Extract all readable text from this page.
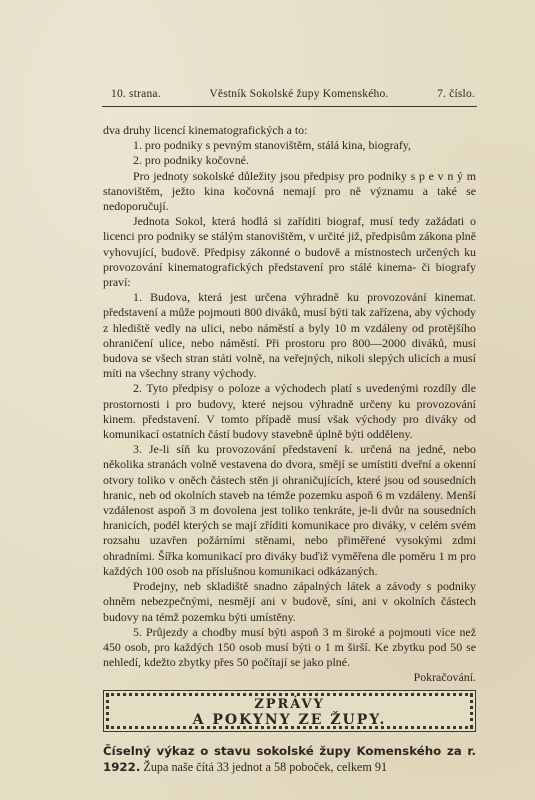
10. strana.	Věstník Sokolské župy Komenského.	7. číslo.

dva druhy licencí kinematografických a to:

1. pro podniky s pevným stanovištěm, stálá kina, biografy,

2. pro podniky kočovné.

Pro jednoty sokolské důležity jsou předpisy pro podniky s p e v n ý m stanovištěm, ježto kina kočovná nemají pro ně významu a také se nedoporučují.

Jednota Sokol, která hodlá si zaříditi biograf, musí tedy zažádati o licenci pro podniky se stálým stanovištěm, v určité již, předpisům zákona plně vyhovující, budově. Předpisy zákonné o budově a místnostech určených ku provozování kinematografických představení pro stálé kinema- či biografy praví:

1. Budova, která jest určena výhradně ku provozování kinemat. představení a může pojmouti 800 diváků, musí býti tak zařízena, aby východy z hlediště vedly na ulici, nebo náměstí a byly 10 m vzdáleny od protějšího ohraničení ulice, nebo náměstí. Při prostoru pro 800—2000 diváků, musí budova se všech stran státi volně, na veřejných, nikoli slepých ulicích a musí míti na všechny strany východy.

2. Tyto předpisy o poloze a východech platí s uvedenými rozdíly dle prostornosti i pro budovy, které nejsou výhradně určeny ku provozování kinem. představení. V tomto případě musí však východy pro diváky od komunikací ostatních částí budovy stavebně úplně býti odděleny.

3. Je-li síň ku provozování představení k. určená na jedné, nebo několika stranách volně vestavena do dvora, smějí se umístiti dveřní a okenní otvory toliko v oněch částech stěn ji ohraničujících, které jsou od sousedních hranic, neb od okolních staveb na témže pozemku aspoň 6 m vzdáleny. Menší vzdálenost aspoň 3 m dovolena jest toliko tenkráte, je-li dvůr na sousedních hranicích, podél kterých se mají zříditi komunikace pro diváky, v celém svém rozsahu uzavřen požárními stěnami, nebo přiměřené vysokými zdmi ohradními. Šířka komunikací pro diváky buďiž vyměřena dle poměru 1 m pro každých 100 osob na příslušnou komunikaci odkázaných.

Prodejny, neb skladiště snadno zápalných látek a závody s podniky ohněm nebezpečnými, nesmějí ani v budově, síni, ani v okolních částech budovy na témž pozemku býti umístěny.

5. Průjezdy a chodby musí býti aspoň 3 m široké a pojmouti více než 450 osob, pro každých 150 osob musí býti o 1 m širší. Ke zbytku pod 50 se nehledí, kdežto zbytky přes 50 počítají se jako plné.

Pokračování.
ZPRÁVY
A POKYNY ZE ŽUPY.
Číselný výkaz o stavu sokolské župy Komenského za r. 1922. Župa naše čítá 33 jednot a 58 poboček, celkem 91
